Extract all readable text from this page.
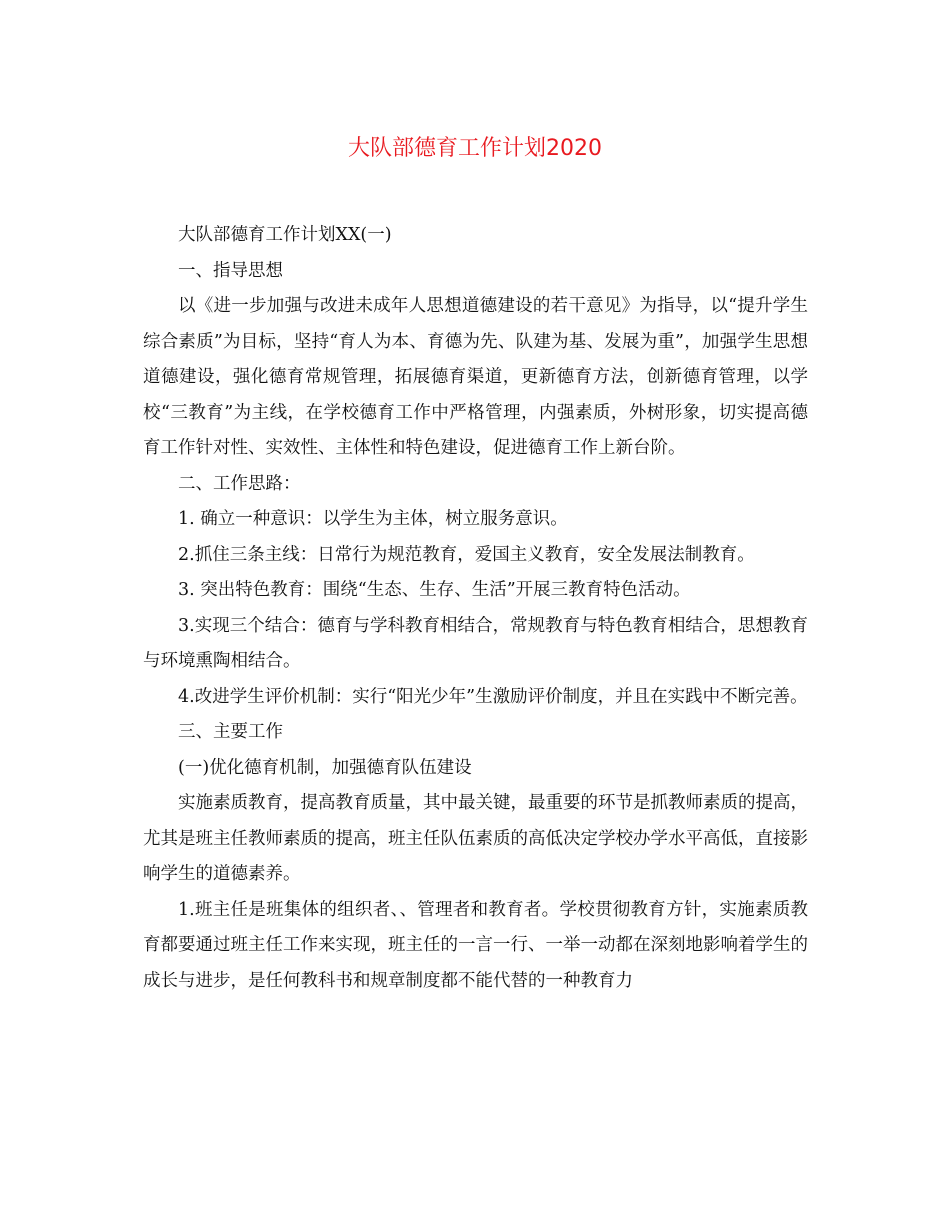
大队部德育工作计划2020

大队部德育工作计划XX(一)

一、指导思想

以《进一步加强与改进未成年人思想道德建设的若干意见》为指导，以“提升学生综合素质”为目标，坚持“育人为本、育德为先、队建为基、发展为重”，加强学生思想道德建设，强化德育常规管理，拓展德育渠道，更新德育方法，创新德育管理，以学校“三教育”为主线，在学校德育工作中严格管理，内强素质，外树形象，切实提高德育工作针对性、实效性、主体性和特色建设，促进德育工作上新台阶。

二、工作思路：

1. 确立一种意识：以学生为主体，树立服务意识。

2.抓住三条主线：日常行为规范教育，爱国主义教育，安全发展法制教育。

3. 突出特色教育：围绕“生态、生存、生活”开展三教育特色活动。

3.实现三个结合：德育与学科教育相结合，常规教育与特色教育相结合，思想教育与环境熏陶相结合。

4.改进学生评价机制：实行“阳光少年”生激励评价制度，并且在实践中不断完善。

三、主要工作

(一)优化德育机制，加强德育队伍建设

实施素质教育，提高教育质量，其中最关键，最重要的环节是抓教师素质的提高，尤其是班主任教师素质的提高，班主任队伍素质的高低决定学校办学水平高低，直接影响学生的道德素养。

1.班主任是班集体的组织者、、管理者和教育者。学校贯彻教育方针，实施素质教育都要通过班主任工作来实现，班主任的一言一行、一举一动都在深刻地影响着学生的成长与进步，是任何教科书和规章制度都不能代替的一种教育力
